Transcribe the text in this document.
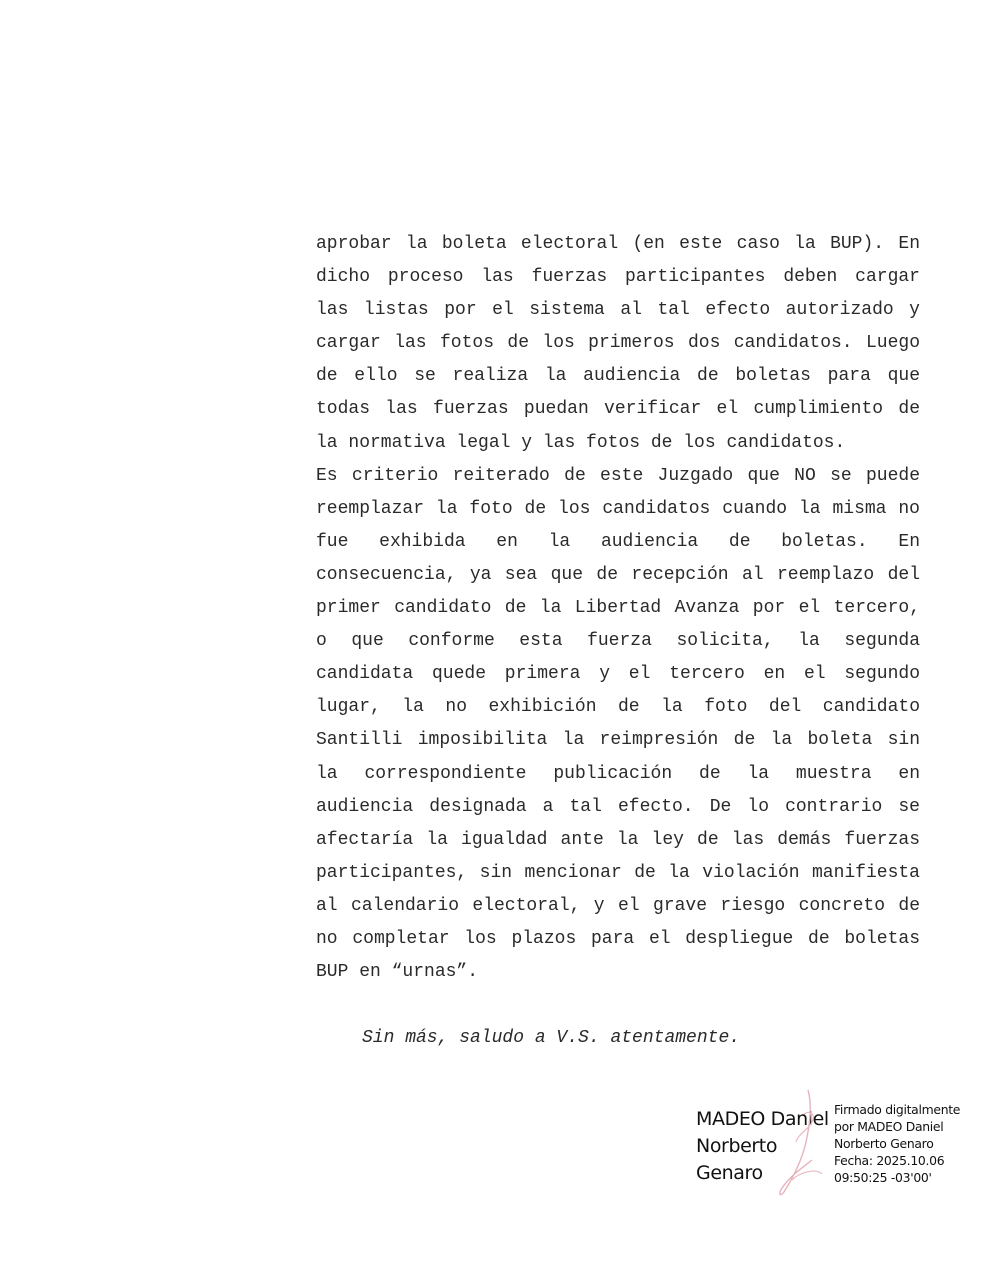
aprobar la boleta electoral (en este caso la BUP). En dicho proceso las fuerzas participantes deben cargar las listas por el sistema al tal efecto autorizado y cargar las fotos de los primeros dos candidatos. Luego de ello se realiza la audiencia de boletas para que todas las fuerzas puedan verificar el cumplimiento de la normativa legal y las fotos de los candidatos.

Es criterio reiterado de este Juzgado que NO se puede reemplazar la foto de los candidatos cuando la misma no fue exhibida en la audiencia de boletas. En consecuencia, ya sea que de recepción al reemplazo del primer candidato de la Libertad Avanza por el tercero, o que conforme esta fuerza solicita, la segunda candidata quede primera y el tercero en el segundo lugar, la no exhibición de la foto del candidato Santilli imposibilita la reimpresión de la boleta sin la correspondiente publicación de la muestra en audiencia designada a tal efecto. De lo contrario se afectaría la igualdad ante la ley de las demás fuerzas participantes, sin mencionar de la violación manifiesta al calendario electoral, y el grave riesgo concreto de no completar los plazos para el despliegue de boletas BUP en “urnas”.

Sin más, saludo a V.S. atentamente.
MADEO Daniel
Norberto
Genaro
Firmado digitalmente
por MADEO Daniel
Norberto Genaro
Fecha: 2025.10.06
09:50:25 -03'00'
